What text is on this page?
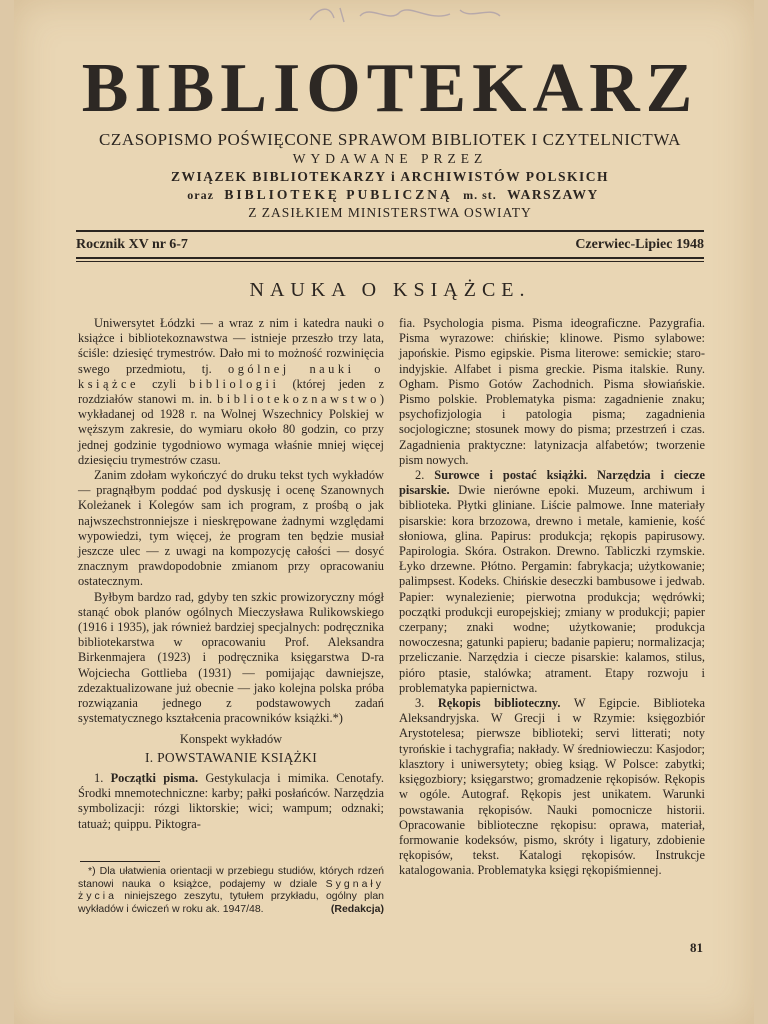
BIBLIOTEKARZ
CZASOPISMO POŚWIĘCONE SPRAWOM BIBLIOTEK I CZYTELNICTWA
WYDAWANE PRZEZ
ZWIĄZEK BIBLIOTEKARZY i ARCHIWISTÓW POLSKICH
oraz BIBLIOTEKĘ PUBLICZNĄ m. st. WARSZAWY
Z ZASIŁKIEM MINISTERSTWA OSWIATY
Rocznik XV nr 6-7	Czerwiec-Lipiec 1948
NAUKA O KSIĄŻCE.

Uniwersytet Łódzki — a wraz z nim i katedra nauki o książce i bibliotekoznawstwa — istnieje przeszło trzy lata, ściśle: dziesięć trymestrów. Dało mi to możność rozwinięcia swego przedmiotu, tj. ogólnej nauki o książce czyli bibliologii (której jeden z rozdziałów stanowi m. in. bibliotekoznawstwo) wykładanej od 1928 r. na Wolnej Wszechnicy Polskiej w węższym zakresie, do wymiaru około 80 godzin, co przy jednej godzinie tygodniowo wymaga właśnie mniej więcej dziesięciu trymestrów czasu.

Zanim zdołam wykończyć do druku tekst tych wykładów — pragnąłbym poddać pod dyskusję i ocenę Szanownych Koleżanek i Kolegów sam ich program, z prośbą o jak najwszechstronniejsze i nieskrępowane żadnymi względami wypowiedzi, tym więcej, że program ten będzie musiał jeszcze ulec — z uwagi na kompozycję całości — dosyć znacznym prawdopodobnie zmianom przy opracowaniu ostatecznym.

Byłbym bardzo rad, gdyby ten szkic prowizoryczny mógł stanąć obok planów ogólnych Mieczysława Rulikowskiego (1916 i 1935), jak również bardziej specjalnych: podręcznika bibliotekarstwa w opracowaniu Prof. Aleksandra Birkenmajera (1923) i podręcznika księgarstwa D-ra Wojciecha Gottlieba (1931) — pomijając dawniejsze, zdezaktualizowane już obecnie — jako kolejna polska próba rozwiązania jednego z podstawowych zadań systematycznego kształcenia pracowników książki.*)

Konspekt wykładów
I. POWSTAWANIE KSIĄŻKI

1. Początki pisma. Gestykulacja i mimika. Cenotafy. Środki mnemotechniczne: karby; pałki posłańców. Narzędzia symbolizacji: rózgi liktorskie; wici; wampum; odznaki; tatuaż; quippu. Piktogra-

fia. Psychologia pisma. Pisma ideograficzne. Pazygrafia. Pisma wyrazowe: chińskie; klinowe. Pismo sylabowe: japońskie. Pismo egipskie. Pisma literowe: semickie; staro-indyjskie. Alfabet i pisma greckie. Pisma italskie. Runy. Ogham. Pismo Gotów Zachodnich. Pisma słowiańskie. Pismo polskie. Problematyka pisma: zagadnienie znaku; psychofizjologia i patologia pisma; zagadnienia socjologiczne; stosunek mowy do pisma; przestrzeń i czas. Zagadnienia praktyczne: latynizacja alfabetów; tworzenie pism nowych.

2. Surowce i postać książki. Narzędzia i ciecze pisarskie. Dwie nierówne epoki. Muzeum, archiwum i biblioteka. Płytki gliniane. Liście palmowe. Inne materiały pisarskie: kora brzozowa, drewno i metale, kamienie, kość słoniowa, glina. Papirus: produkcja; rękopis papirusowy. Papirologia. Skóra. Ostrakon. Drewno. Tabliczki rzymskie. Łyko drzewne. Płótno. Pergamin: fabrykacja; użytkowanie; palimpsest. Kodeks. Chińskie deseczki bambusowe i jedwab. Papier: wynalezienie; pierwotna produkcja; wędrówki; początki produkcji europejskiej; zmiany w produkcji; papier czerpany; znaki wodne; użytkowanie; produkcja nowoczesna; gatunki papieru; badanie papieru; normalizacja; przeliczanie. Narzędzia i ciecze pisarskie: kalamos, stilus, pióro ptasie, stalówka; atrament. Etapy rozwoju i problematyka papiernictwa.

3. Rękopis biblioteczny. W Egipcie. Biblioteka Aleksandryjska. W Grecji i w Rzymie: księgozbiór Arystotelesa; pierwsze biblioteki; servi litterati; noty tyrońskie i tachygrafia; nakłady. W średniowieczu: Kasjodor; klasztory i uniwersytety; obieg ksiąg. W Polsce: zabytki; księgozbiory; księgarstwo; gromadzenie rękopisów. Rękopis w ogóle. Autograf. Rękopis jest unikatem. Warunki powstawania rękopisów. Nauki pomocnicze historii. Opracowanie biblioteczne rękopisu: oprawa, materiał, formowanie kodeksów, pismo, skróty i ligatury, zdobienie rękopisów, tekst. Katalogi rękopisów. Instrukcje katalogowania. Problematyka księgi rękopiśmiennej.

*) Dla ułatwienia orientacji w przebiegu studiów, których rdzeń stanowi nauka o książce, podajemy w dziale Sygnały życia niniejszego zeszytu, tytułem przykładu, ogólny plan wykładów i ćwiczeń w roku ak. 1947/48.	(Redakcja)

81
